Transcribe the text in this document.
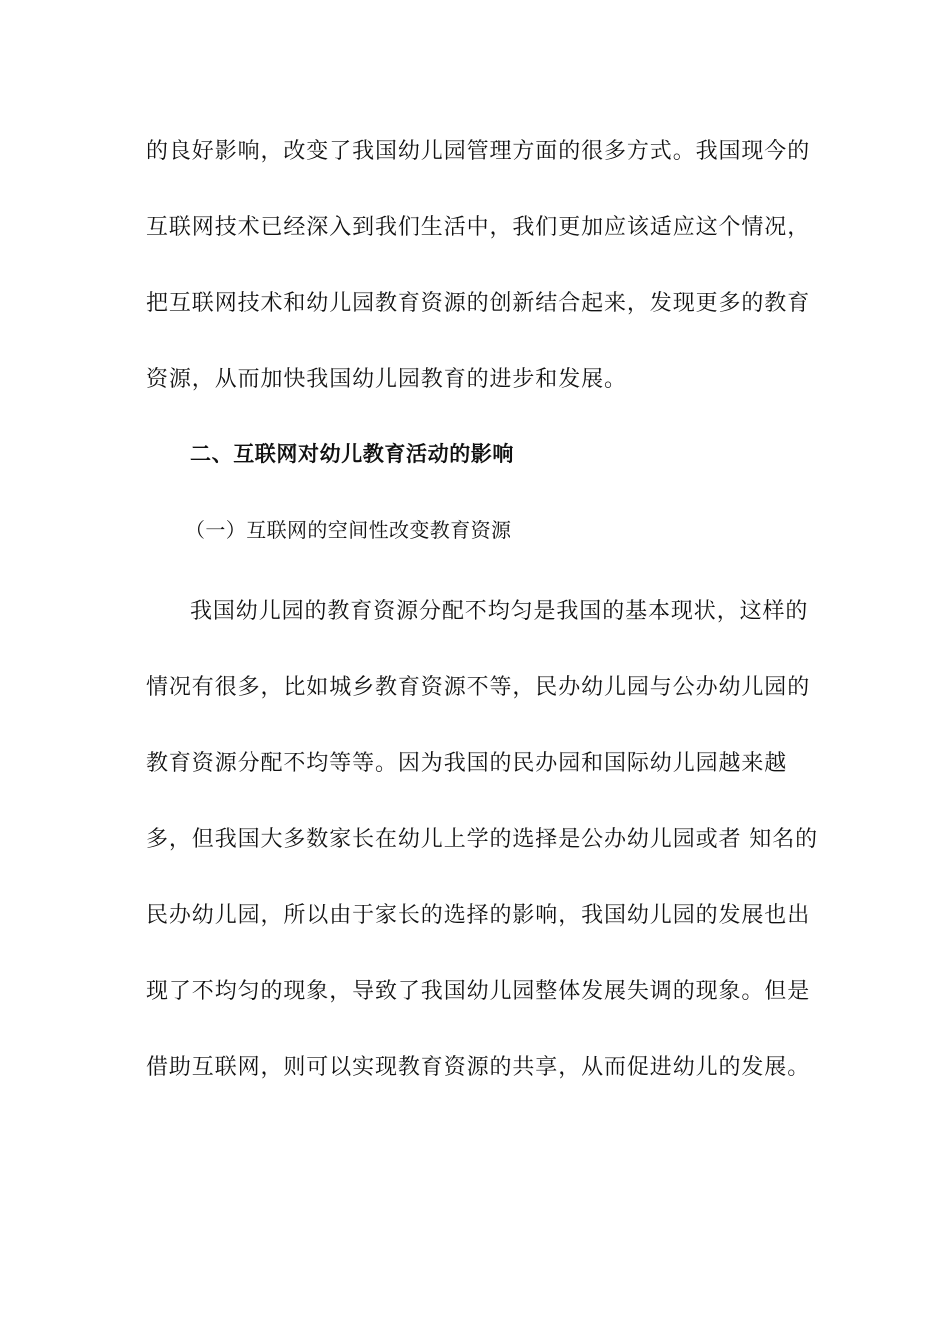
的良好影响，改变了我国幼儿园管理方面的很多方式。我国现今的
互联网技术已经深入到我们生活中，我们更加应该适应这个情况，
把互联网技术和幼儿园教育资源的创新结合起来，发现更多的教育
资源，从而加快我国幼儿园教育的进步和发展。
二、互联网对幼儿教育活动的影响
（一）互联网的空间性改变教育资源
我国幼儿园的教育资源分配不均匀是我国的基本现状，这样的
情况有很多，比如城乡教育资源不等，民办幼儿园与公办幼儿园的
教育资源分配不均等等。因为我国的民办园和国际幼儿园越来越
多，但我国大多数家长在幼儿上学的选择是公办幼儿园或者 知名的
民办幼儿园，所以由于家长的选择的影响，我国幼儿园的发展也出
现了不均匀的现象，导致了我国幼儿园整体发展失调的现象。但是
借助互联网，则可以实现教育资源的共享，从而促进幼儿的发展。
